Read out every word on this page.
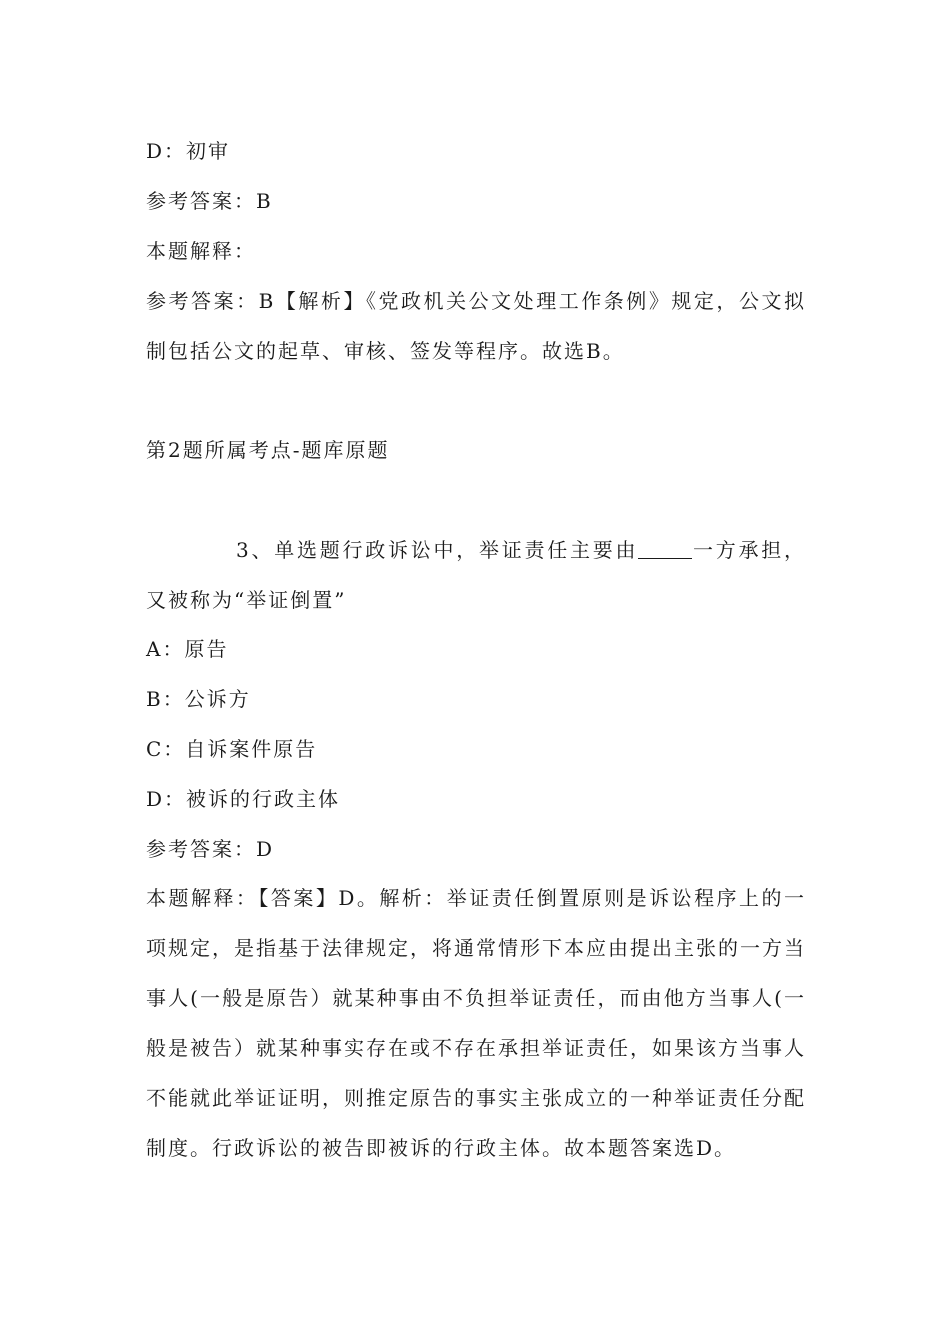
D：初审
参考答案：B
本题解释：
参考答案：B【解析】《党政机关公文处理工作条例》规定，公文拟制包括公文的起草、审核、签发等程序。故选B。
第2题所属考点-题库原题
3、单选题行政诉讼中，举证责任主要由	一方承担，又被称为“举证倒置”
A：原告
B：公诉方
C：自诉案件原告
D：被诉的行政主体
参考答案：D
本题解释：【答案】D。解析：举证责任倒置原则是诉讼程序上的一项规定，是指基于法律规定，将通常情形下本应由提出主张的一方当事人(一般是原告）就某种事由不负担举证责任，而由他方当事人(一般是被告）就某种事实存在或不存在承担举证责任，如果该方当事人不能就此举证证明，则推定原告的事实主张成立的一种举证责任分配制度。行政诉讼的被告即被诉的行政主体。故本题答案选D。
